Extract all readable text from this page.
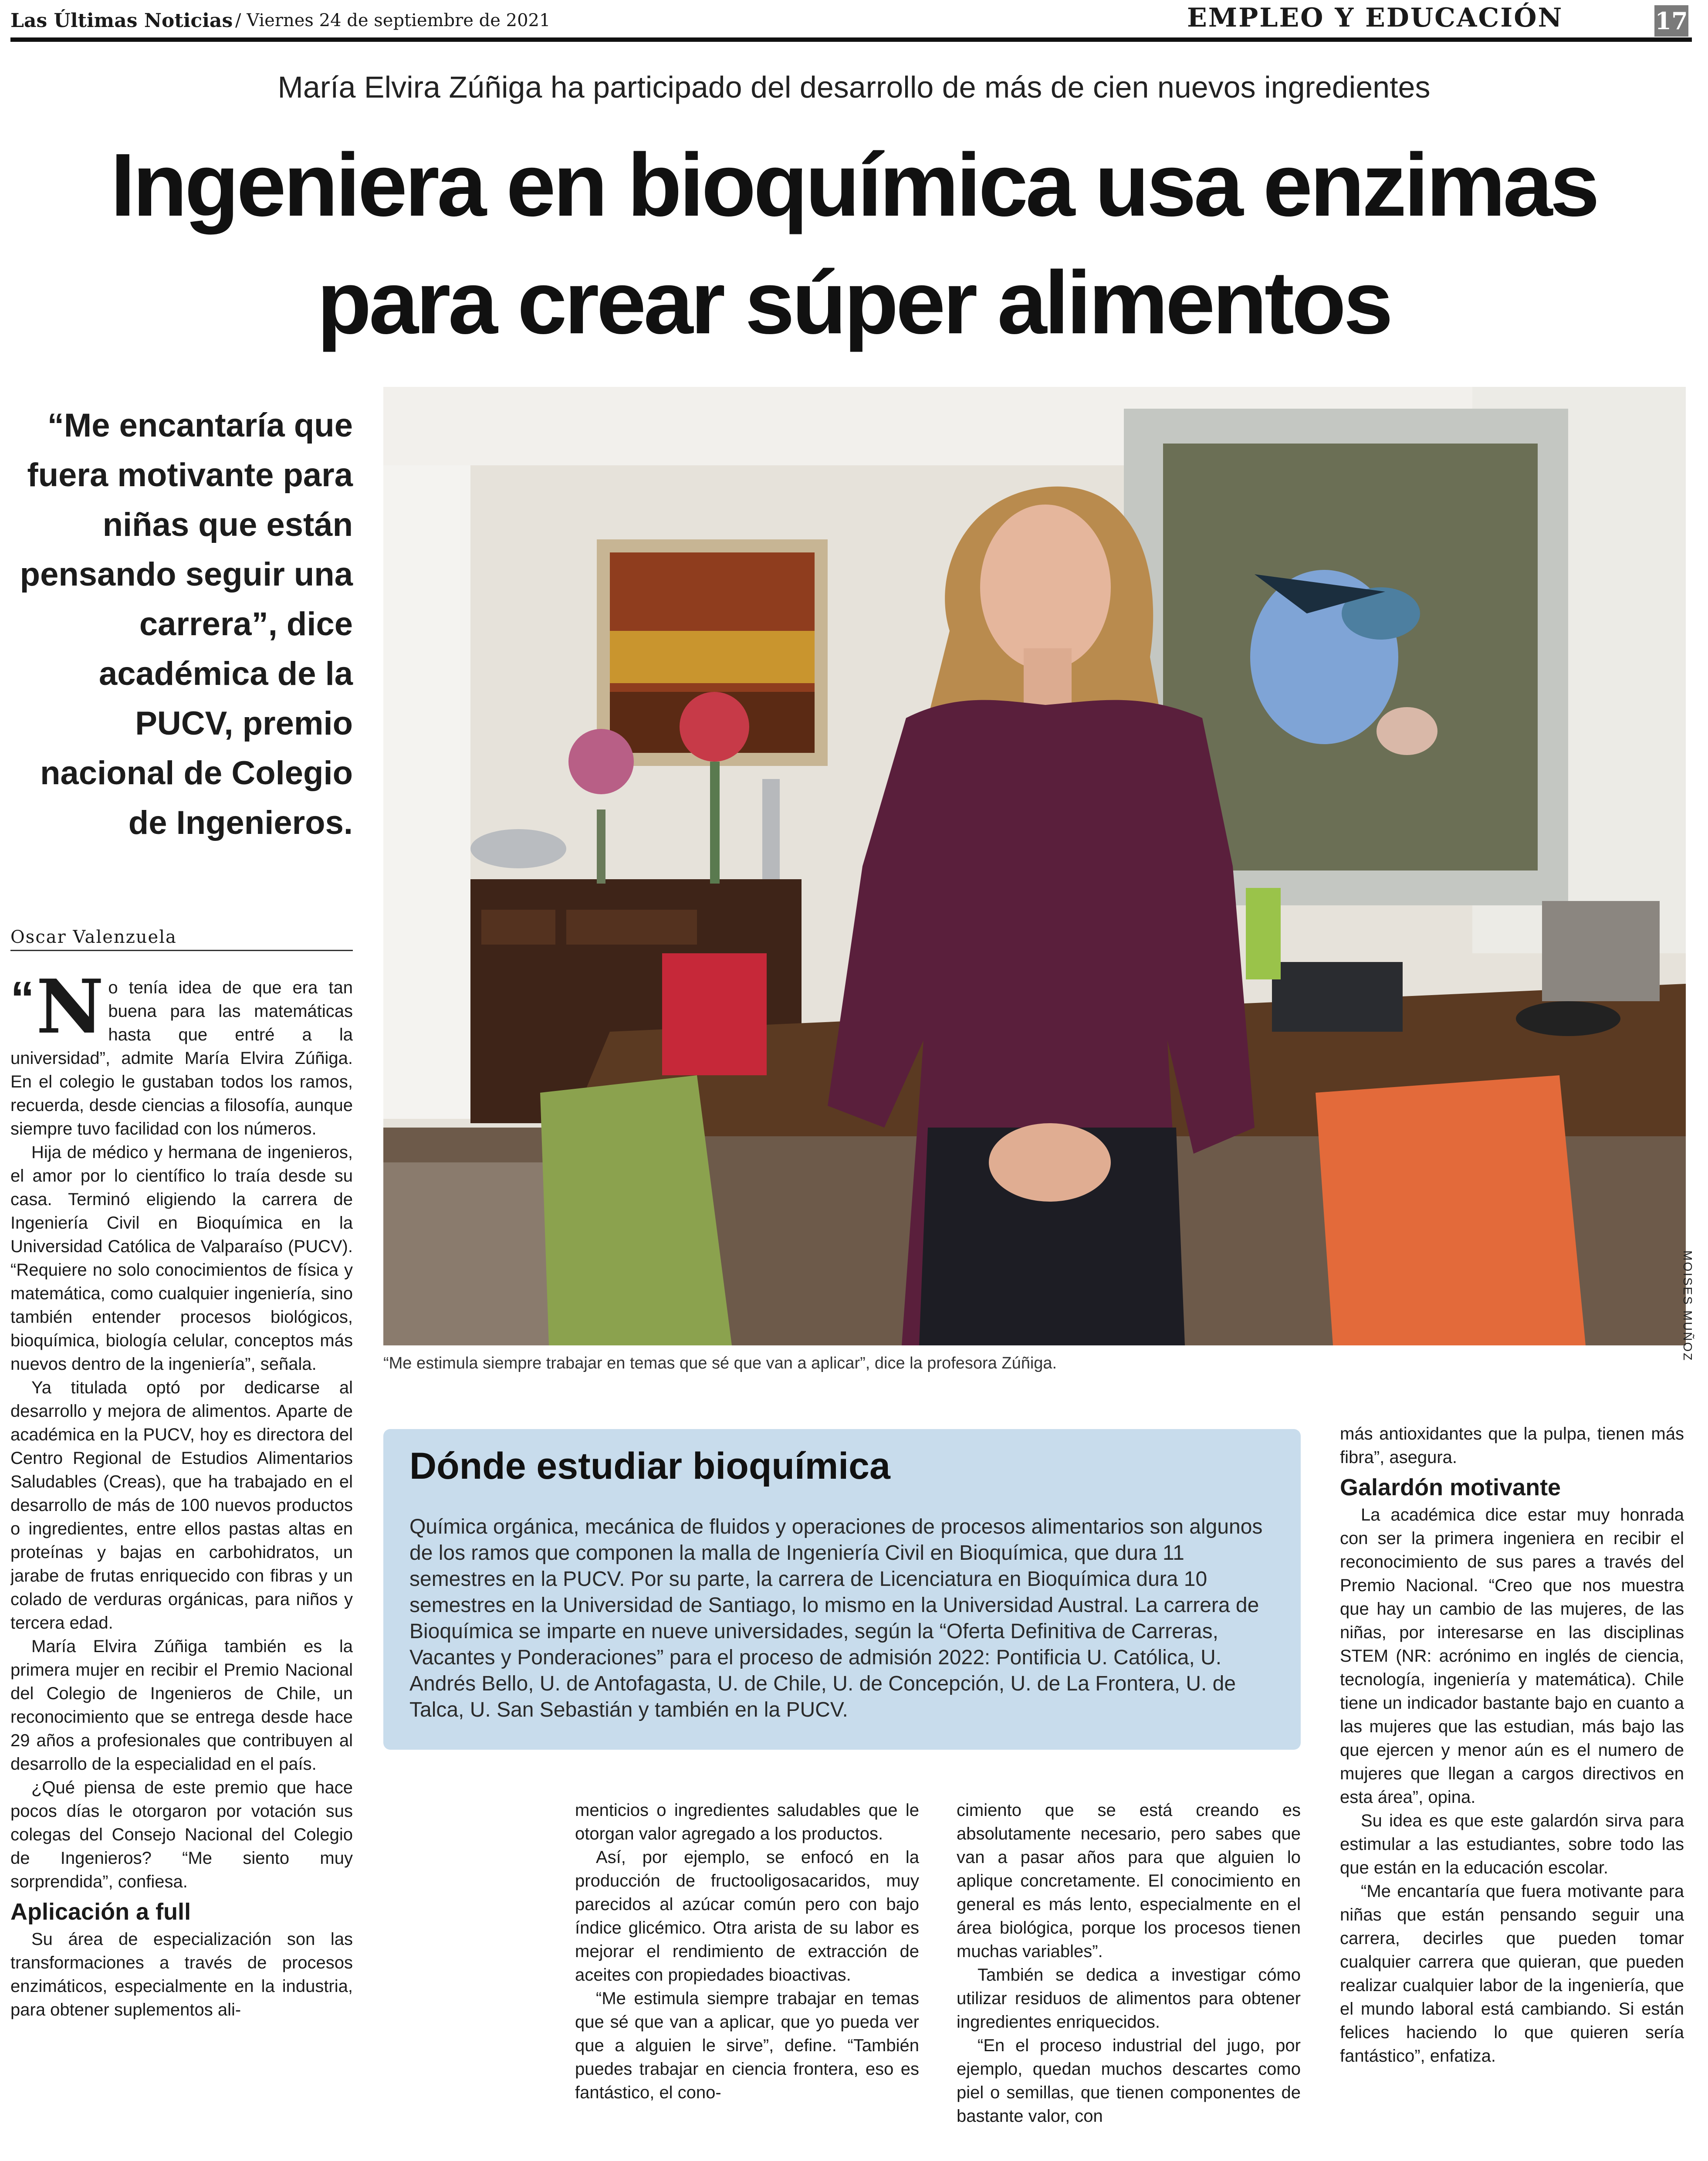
Las Últimas Noticias / Viernes 24 de septiembre de 2021	EMPLEO Y EDUCACIÓN	17
María Elvira Zúñiga ha participado del desarrollo de más de cien nuevos ingredientes
Ingeniera en bioquímica usa enzimas para crear súper alimentos
“Me encantaría que fuera motivante para niñas que están pensando seguir una carrera”, dice académica de la PUCV, premio nacional de Colegio de Ingenieros.
MOISES MUÑOZ
“Me estimula siempre trabajar en temas que sé que van a aplicar”, dice la profesora Zúñiga.
Oscar Valenzuela

“ N o tenía idea de que era tan buena para las matemáticas hasta que entré a la universidad”, admite María Elvira Zúñiga. En el colegio le gustaban todos los ramos, recuerda, desde ciencias a filosofía, aunque siempre tuvo facilidad con los números.

Hija de médico y hermana de ingenieros, el amor por lo científico lo traía desde su casa. Terminó eligiendo la carrera de Ingeniería Civil en Bioquímica en la Universidad Católica de Valparaíso (PUCV). “Requiere no solo conocimientos de física y matemática, como cualquier ingeniería, sino también entender procesos biológicos, bioquímica, biología celular, conceptos más nuevos dentro de la ingeniería”, señala.

Ya titulada optó por dedicarse al desarrollo y mejora de alimentos. Aparte de académica en la PUCV, hoy es directora del Centro Regional de Estudios Alimentarios Saludables (Creas), que ha trabajado en el desarrollo de más de 100 nuevos productos o ingredientes, entre ellos pastas altas en proteínas y bajas en carbohidratos, un jarabe de frutas enriquecido con fibras y un colado de verduras orgánicas, para niños y tercera edad.

María Elvira Zúñiga también es la primera mujer en recibir el Premio Nacional del Colegio de Ingenieros de Chile, un reconocimiento que se entrega desde hace 29 años a profesionales que contribuyen al desarrollo de la especialidad en el país.

¿Qué piensa de este premio que hace pocos días le otorgaron por votación sus colegas del Consejo Nacional del Colegio de Ingenieros? “Me siento muy sorprendida”, confiesa.

Aplicación a full

Su área de especialización son las transformaciones a través de procesos enzimáticos, especialmente en la industria, para obtener suplementos ali-

Dónde estudiar bioquímica

Química orgánica, mecánica de fluidos y operaciones de procesos alimentarios son algunos de los ramos que componen la malla de Ingeniería Civil en Bioquímica, que dura 11 semestres en la PUCV. Por su parte, la carrera de Licenciatura en Bioquímica dura 10 semestres en la Universidad de Santiago, lo mismo en la Universidad Austral. La carrera de Bioquímica se imparte en nueve universidades, según la “Oferta Definitiva de Carreras, Vacantes y Ponderaciones” para el proceso de admisión 2022: Pontificia U. Católica, U. Andrés Bello, U. de Antofagasta, U. de Chile, U. de Concepción, U. de La Frontera, U. de Talca, U. San Sebastián y también en la PUCV.

menticios o ingredientes saludables que le otorgan valor agregado a los productos.

Así, por ejemplo, se enfocó en la producción de fructooligosacaridos, muy parecidos al azúcar común pero con bajo índice glicémico. Otra arista de su labor es mejorar el rendimiento de extracción de aceites con propiedades bioactivas.

“Me estimula siempre trabajar en temas que sé que van a aplicar, que yo pueda ver que a alguien le sirve”, define. “También puedes trabajar en ciencia frontera, eso es fantástico, el cono-

cimiento que se está creando es absolutamente necesario, pero sabes que van a pasar años para que alguien lo aplique concretamente. El conocimiento en general es más lento, especialmente en el área biológica, porque los procesos tienen muchas variables”.

También se dedica a investigar cómo utilizar residuos de alimentos para obtener ingredientes enriquecidos.

“En el proceso industrial del jugo, por ejemplo, quedan muchos descartes como piel o semillas, que tienen componentes de bastante valor, con

más antioxidantes que la pulpa, tienen más fibra”, asegura.

Galardón motivante

La académica dice estar muy honrada con ser la primera ingeniera en recibir el reconocimiento de sus pares a través del Premio Nacional. “Creo que nos muestra que hay un cambio de las mujeres, de las niñas, por interesarse en las disciplinas STEM (NR: acrónimo en inglés de ciencia, tecnología, ingeniería y matemática). Chile tiene un indicador bastante bajo en cuanto a las mujeres que las estudian, más bajo las que ejercen y menor aún es el numero de mujeres que llegan a cargos directivos en esta área”, opina.

Su idea es que este galardón sirva para estimular a las estudiantes, sobre todo las que están en la educación escolar.

“Me encantaría que fuera motivante para niñas que están pensando seguir una carrera, decirles que pueden tomar cualquier carrera que quieran, que pueden realizar cualquier labor de la ingeniería, que el mundo laboral está cambiando. Si están felices haciendo lo que quieren sería fantástico”, enfatiza.
